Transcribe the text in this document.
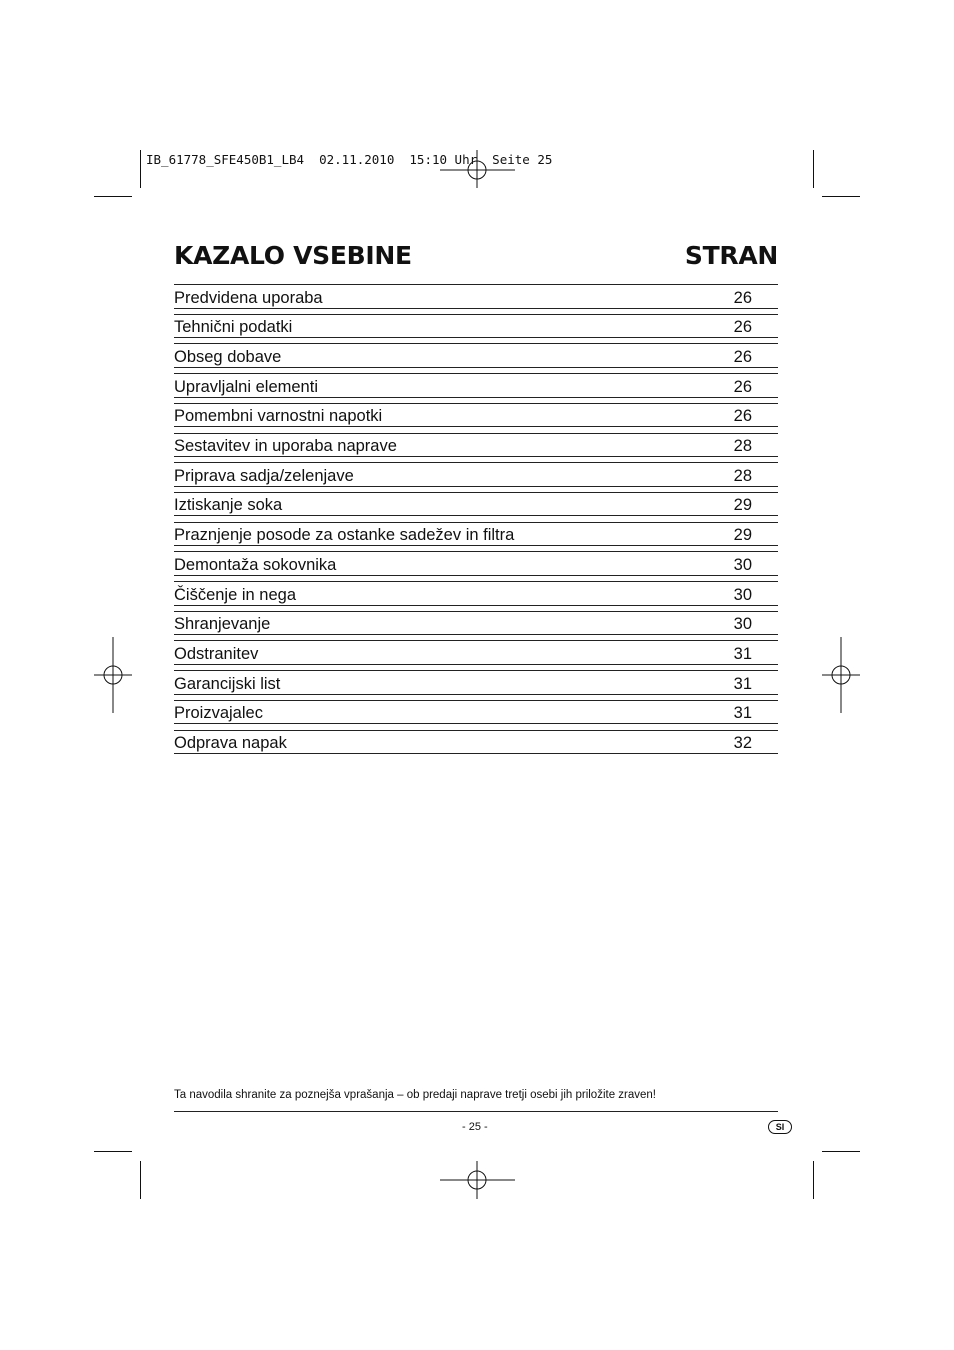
IB_61778_SFE450B1_LB4  02.11.2010  15:10 Uhr  Seite 25
KAZALO VSEBINE	STRAN
Predvidena uporaba	26
Tehnični podatki	26
Obseg dobave	26
Upravljalni elementi	26
Pomembni varnostni napotki	26
Sestavitev in uporaba naprave	28
Priprava sadja/zelenjave	28
Iztiskanje soka	29
Praznjenje posode za ostanke sadežev in filtra	29
Demontaža sokovnika	30
Čiščenje in nega	30
Shranjevanje	30
Odstranitev	31
Garancijski list	31
Proizvajalec	31
Odprava napak	32
Ta navodila shranite za poznejša vprašanja – ob predaji naprave tretji osebi jih priložite zraven!
- 25 -	SI
